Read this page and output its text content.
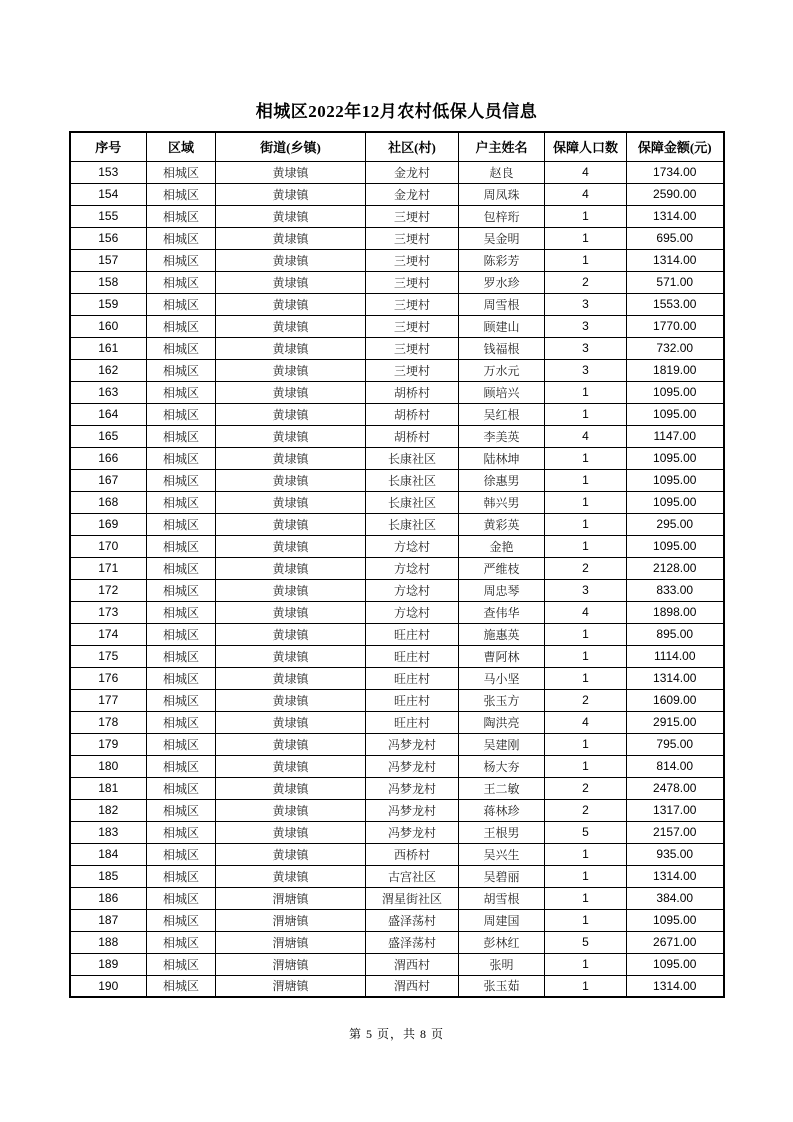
相城区2022年12月农村低保人员信息
序号	区域	街道(乡镇)	社区(村)	户主姓名	保障人口数	保障金额(元)
153	相城区	黄埭镇	金龙村	赵良	4	1734.00
154	相城区	黄埭镇	金龙村	周凤珠	4	2590.00
155	相城区	黄埭镇	三埂村	包梓珩	1	1314.00
156	相城区	黄埭镇	三埂村	吴金明	1	695.00
157	相城区	黄埭镇	三埂村	陈彩芳	1	1314.00
158	相城区	黄埭镇	三埂村	罗水珍	2	571.00
159	相城区	黄埭镇	三埂村	周雪根	3	1553.00
160	相城区	黄埭镇	三埂村	顾建山	3	1770.00
161	相城区	黄埭镇	三埂村	钱福根	3	732.00
162	相城区	黄埭镇	三埂村	万水元	3	1819.00
163	相城区	黄埭镇	胡桥村	顾培兴	1	1095.00
164	相城区	黄埭镇	胡桥村	吴红根	1	1095.00
165	相城区	黄埭镇	胡桥村	李美英	4	1147.00
166	相城区	黄埭镇	长康社区	陆林坤	1	1095.00
167	相城区	黄埭镇	长康社区	徐惠男	1	1095.00
168	相城区	黄埭镇	长康社区	韩兴男	1	1095.00
169	相城区	黄埭镇	长康社区	黄彩英	1	295.00
170	相城区	黄埭镇	方埝村	金艳	1	1095.00
171	相城区	黄埭镇	方埝村	严维枝	2	2128.00
172	相城区	黄埭镇	方埝村	周忠琴	3	833.00
173	相城区	黄埭镇	方埝村	查伟华	4	1898.00
174	相城区	黄埭镇	旺庄村	施惠英	1	895.00
175	相城区	黄埭镇	旺庄村	曹阿林	1	1114.00
176	相城区	黄埭镇	旺庄村	马小坚	1	1314.00
177	相城区	黄埭镇	旺庄村	张玉方	2	1609.00
178	相城区	黄埭镇	旺庄村	陶洪亮	4	2915.00
179	相城区	黄埭镇	冯梦龙村	吴建刚	1	795.00
180	相城区	黄埭镇	冯梦龙村	杨大夯	1	814.00
181	相城区	黄埭镇	冯梦龙村	王二敏	2	2478.00
182	相城区	黄埭镇	冯梦龙村	蒋林珍	2	1317.00
183	相城区	黄埭镇	冯梦龙村	王根男	5	2157.00
184	相城区	黄埭镇	西桥村	吴兴生	1	935.00
185	相城区	黄埭镇	古宫社区	吴碧丽	1	1314.00
186	相城区	渭塘镇	渭星街社区	胡雪根	1	384.00
187	相城区	渭塘镇	盛泽荡村	周建国	1	1095.00
188	相城区	渭塘镇	盛泽荡村	彭林红	5	2671.00
189	相城区	渭塘镇	渭西村	张明	1	1095.00
190	相城区	渭塘镇	渭西村	张玉茹	1	1314.00
第 5 页，共 8 页
